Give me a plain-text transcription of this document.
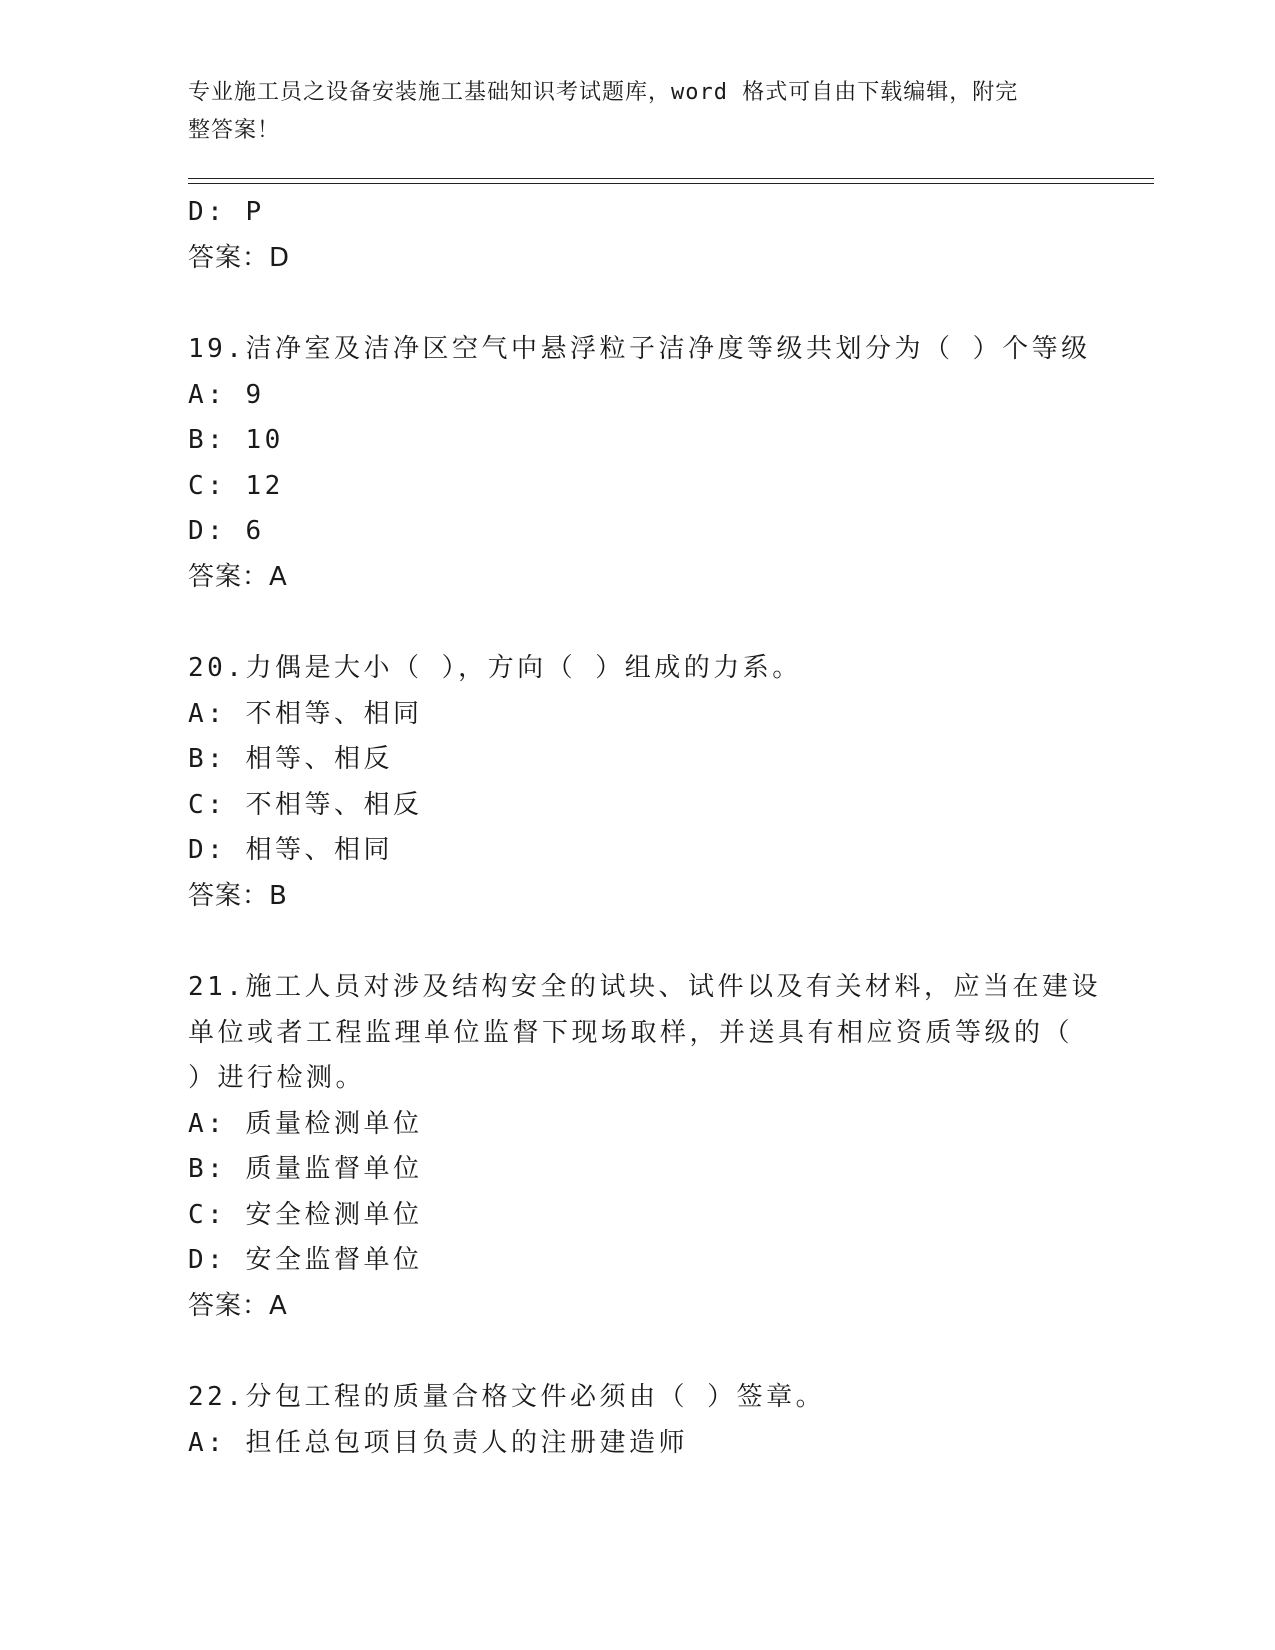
专业施工员之设备安装施工基础知识考试题库，word 格式可自由下载编辑，附完
整答案！
D: P
答案：D
19.洁净室及洁净区空气中悬浮粒子洁净度等级共划分为（ ）个等级
A: 9
B: 10
C: 12
D: 6
答案：A
20.力偶是大小（ ），方向（ ）组成的力系。
A: 不相等、相同
B: 相等、相反
C: 不相等、相反
D: 相等、相同
答案：B
21.施工人员对涉及结构安全的试块、试件以及有关材料，应当在建设
单位或者工程监理单位监督下现场取样，并送具有相应资质等级的（
）进行检测。
A: 质量检测单位
B: 质量监督单位
C: 安全检测单位
D: 安全监督单位
答案：A
22.分包工程的质量合格文件必须由（ ）签章。
A: 担任总包项目负责人的注册建造师
